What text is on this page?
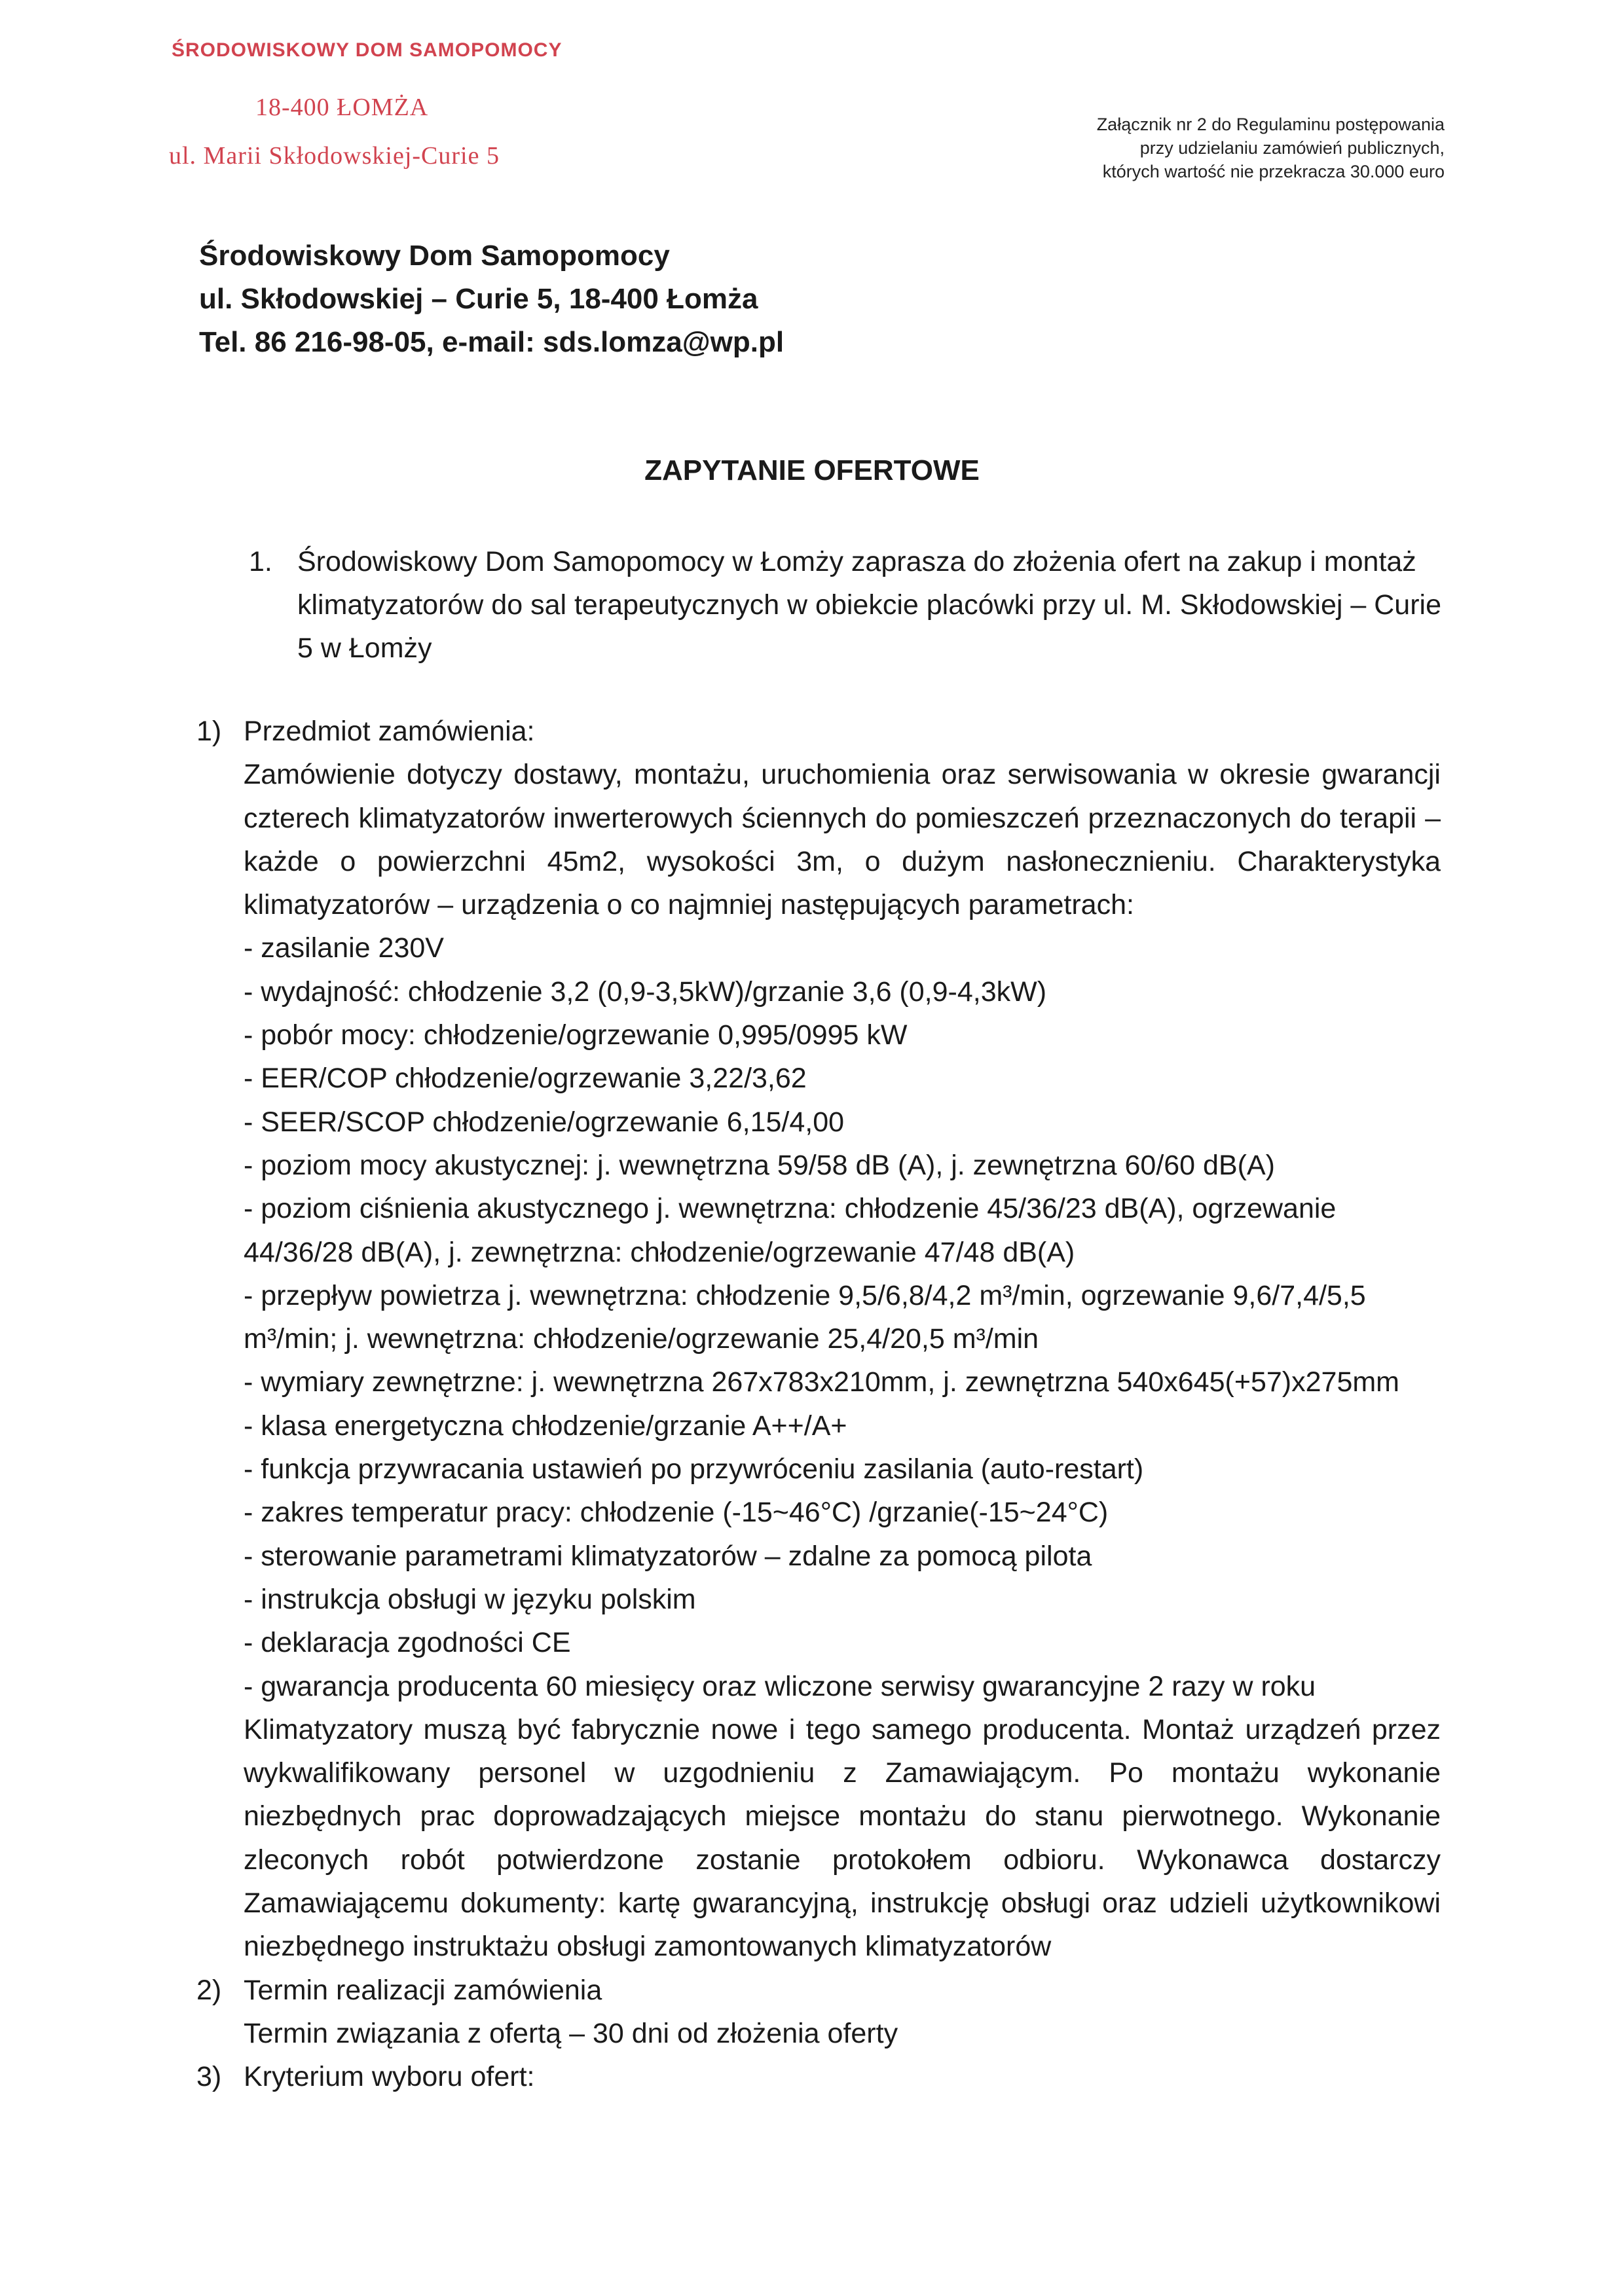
ŚRODOWISKOWY DOM SAMOPOMOCY
18-400 ŁOMŻA
ul. Marii Skłodowskiej-Curie 5
Załącznik nr 2 do Regulaminu postępowania
przy udzielaniu zamówień publicznych,
których wartość nie przekracza 30.000 euro
Środowiskowy Dom Samopomocy
ul. Skłodowskiej – Curie 5, 18-400 Łomża
Tel. 86 216-98-05, e-mail: sds.lomza@wp.pl
ZAPYTANIE OFERTOWE
1. Środowiskowy Dom Samopomocy w Łomży zaprasza do złożenia ofert na zakup i montaż klimatyzatorów do sal terapeutycznych w obiekcie placówki przy ul. M. Skłodowskiej – Curie 5 w Łomży
1) Przedmiot zamówienia:
Zamówienie dotyczy dostawy, montażu, uruchomienia oraz serwisowania w okresie gwarancji czterech klimatyzatorów inwerterowych ściennych do pomieszczeń przeznaczonych do terapii – każde o powierzchni 45m2, wysokości 3m, o dużym nasłonecznieniu. Charakterystyka klimatyzatorów – urządzenia o co najmniej następujących parametrach:
- zasilanie 230V
- wydajność: chłodzenie 3,2 (0,9-3,5kW)/grzanie 3,6 (0,9-4,3kW)
- pobór mocy: chłodzenie/ogrzewanie 0,995/0995 kW
- EER/COP chłodzenie/ogrzewanie 3,22/3,62
- SEER/SCOP chłodzenie/ogrzewanie 6,15/4,00
- poziom mocy akustycznej: j. wewnętrzna 59/58 dB (A), j. zewnętrzna 60/60 dB(A)
- poziom ciśnienia akustycznego j. wewnętrzna: chłodzenie 45/36/23 dB(A), ogrzewanie 44/36/28 dB(A), j. zewnętrzna: chłodzenie/ogrzewanie 47/48 dB(A)
- przepływ powietrza j. wewnętrzna: chłodzenie 9,5/6,8/4,2 m³/min, ogrzewanie 9,6/7,4/5,5 m³/min; j. wewnętrzna: chłodzenie/ogrzewanie 25,4/20,5 m³/min
- wymiary zewnętrzne: j. wewnętrzna 267x783x210mm, j. zewnętrzna 540x645(+57)x275mm
- klasa energetyczna chłodzenie/grzanie A++/A+
- funkcja przywracania ustawień po przywróceniu zasilania (auto-restart)
- zakres temperatur pracy: chłodzenie (-15~46°C) /grzanie(-15~24°C)
- sterowanie parametrami klimatyzatorów – zdalne za pomocą pilota
- instrukcja obsługi w języku polskim
- deklaracja zgodności CE
- gwarancja producenta 60 miesięcy oraz wliczone serwisy gwarancyjne 2 razy w roku
Klimatyzatory muszą być fabrycznie nowe i tego samego producenta. Montaż urządzeń przez wykwalifikowany personel w uzgodnieniu z Zamawiającym. Po montażu wykonanie niezbędnych prac doprowadzających miejsce montażu do stanu pierwotnego. Wykonanie zleconych robót potwierdzone zostanie protokołem odbioru. Wykonawca dostarczy Zamawiającemu dokumenty: kartę gwarancyjną, instrukcję obsługi oraz udzieli użytkownikowi niezbędnego instruktażu obsługi zamontowanych klimatyzatorów
2) Termin realizacji zamówienia
Termin związania z ofertą – 30 dni od złożenia oferty
3) Kryterium wyboru ofert:
